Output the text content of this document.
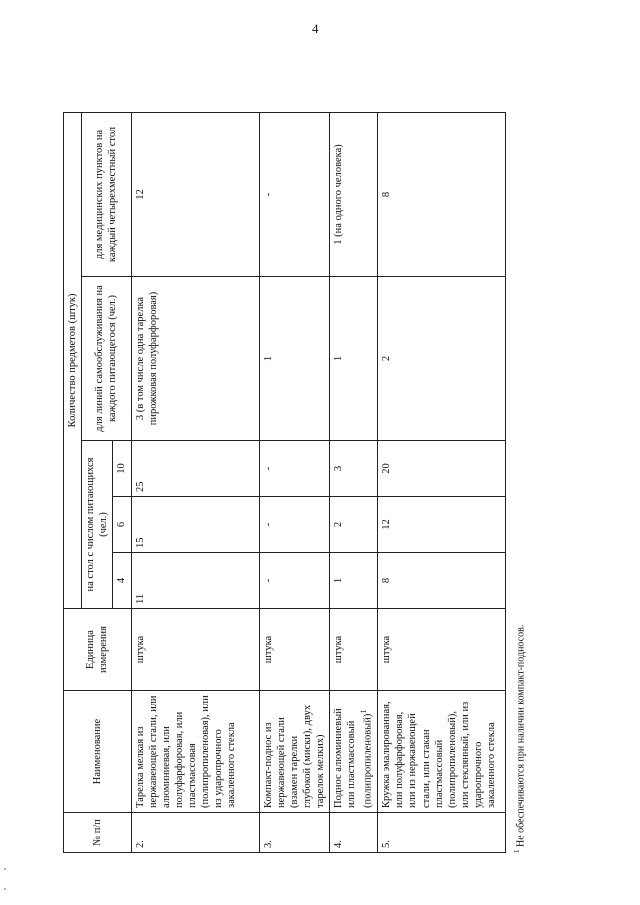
4
№ п/п	Наименование	Единица измерения	Количество предметов (штук)				
			на стол с числом питающихся (чел.)			для линий самообслуживания на каждого питающегося (чел.)	для медицинских пунктов на каждый четырехместный стол
			4	6	10		
2.	Тарелка мелкая из нержавеющей стали, или алюминиевая, или полуфарфоровая, или пластмассовая (полипропиленовая), или из ударопрочного закаленного стекла	штука	11	15	25	3 (в том числе одна тарелка пирожковая полуфарфоровая)	12
3.	Компакт-поднос из нержавеющей стали (взамен тарелки глубокой (миски), двух тарелок мелких)	штука	-	-	-	1	-
4.	Поднос алюминиевый или пластмассовый (полипропиленовый)$^1$	штука	1	2	3	1	1 (на одного человека)
5.	Кружка эмалированная, или полуфарфоровая, или из нержавеющей стали, или стакан пластмассовый (полипропиленовый), или стеклянный, или из ударопрочного закаленного стекла	штука	8	12	20	2	8
$^1$ Не обеспечиваются при наличии компакт-подносов.
